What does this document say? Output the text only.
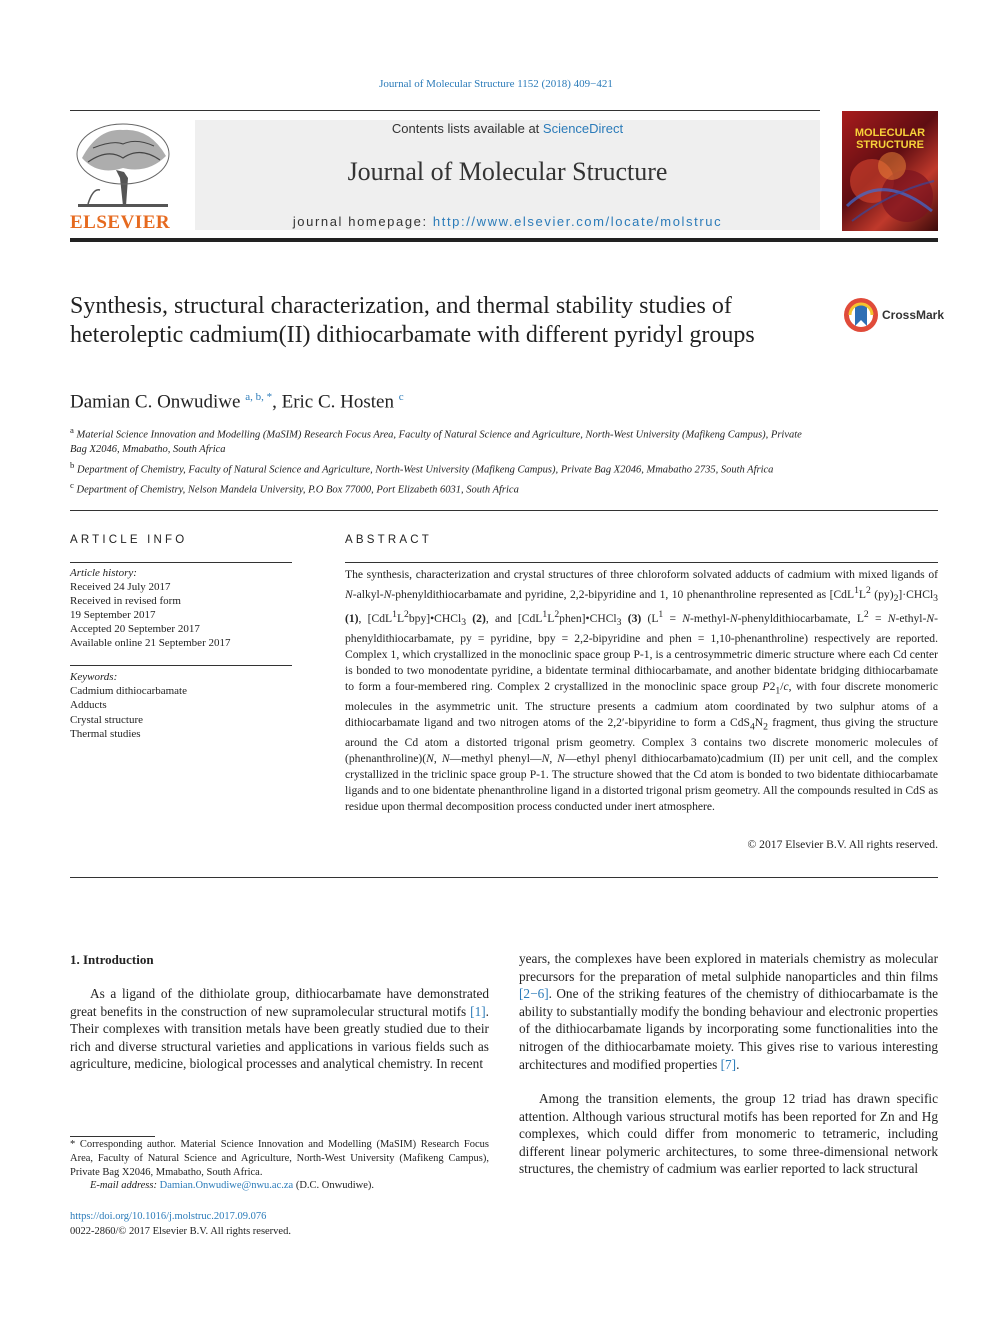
Journal of Molecular Structure 1152 (2018) 409−421
ELSEVIER
Contents lists available at ScienceDirect
Journal of Molecular Structure
journal homepage: http://www.elsevier.com/locate/molstruc
MOLECULAR STRUCTURE
Synthesis, structural characterization, and thermal stability studies of heteroleptic cadmium(II) dithiocarbamate with different pyridyl groups
CrossMark
Damian C. Onwudiwe $^{a, b, *}$, Eric C. Hosten $^c$

$^a$ Material Science Innovation and Modelling (MaSIM) Research Focus Area, Faculty of Natural Science and Agriculture, North-West University (Mafikeng Campus), Private Bag X2046, Mmabatho, South Africa

$^b$ Department of Chemistry, Faculty of Natural Science and Agriculture, North-West University (Mafikeng Campus), Private Bag X2046, Mmabatho 2735, South Africa

$^c$ Department of Chemistry, Nelson Mandela University, P.O Box 77000, Port Elizabeth 6031, South Africa

ARTICLE INFO
Article history:
Received 24 July 2017
Received in revised form
19 September 2017
Accepted 20 September 2017
Available online 21 September 2017
Keywords:
Cadmium dithiocarbamate
Adducts
Crystal structure
Thermal studies
ABSTRACT

The synthesis, characterization and crystal structures of three chloroform solvated adducts of cadmium with mixed ligands of N-alkyl-N-phenyldithiocarbamate and pyridine, 2,2-bipyridine and 1, 10 phenanthroline represented as [$CdL^1L^2$ $(py)_2]\cdot CHCl_3$ (1), $[CdL^1L^2bpy]•CHCl_3$ (2), and $[CdL^1L^2phen]•CHCl_3$ (3) ($L^1$ = N-methyl-N-phenyldithiocarbamate, $L^2$ = N-ethyl-N-phenyldithiocarbamate, py = pyridine, bpy = 2,2-bipyridine and phen = 1,10-phenanthroline) respectively are reported. Complex 1, which crystallized in the monoclinic space group P-1, is a centrosymmetric dimeric structure where each Cd center is bonded to two monodentate pyridine, a bidentate terminal dithiocarbamate, and another bidentate bridging dithiocarbamate to form a four-membered ring. Complex 2 crystallized in the monoclinic space group $P2_1/c$, with four discrete monomeric molecules in the asymmetric unit. The structure presents a cadmium atom coordinated by two sulphur atoms of a dithiocarbamate ligand and two nitrogen atoms of the 2,2′-bipyridine to form a $CdS_4N_2$ fragment, thus giving the structure around the Cd atom a distorted trigonal prism geometry. Complex 3 contains two discrete monomeric molecules of (phenanthroline)(N, N—methyl phenyl—N, N—ethyl phenyl dithiocarbamato)cadmium (II) per unit cell, and the complex crystallized in the triclinic space group P-1. The structure showed that the Cd atom is bonded to two bidentate dithiocarbamate ligands and to one bidentate phenanthroline ligand in a distorted trigonal prism geometry. All the compounds resulted in CdS as residue upon thermal decomposition process conducted under inert atmosphere.

© 2017 Elsevier B.V. All rights reserved.
1. Introduction

As a ligand of the dithiolate group, dithiocarbamate have demonstrated great benefits in the construction of new supramolecular structural motifs [1]. Their complexes with transition metals have been greatly studied due to their rich and diverse structural varieties and applications in various fields such as agriculture, medicine, biological processes and analytical chemistry. In recent

years, the complexes have been explored in materials chemistry as molecular precursors for the preparation of metal sulphide nanoparticles and thin films [2−6]. One of the striking features of the chemistry of dithiocarbamate is the ability to substantially modify the bonding behaviour and electronic properties of the dithiocarbamate ligands by incorporating some functionalities into the nitrogen of the dithiocarbamate moiety. This gives rise to various interesting architectures and modified properties [7].

Among the transition elements, the group 12 triad has drawn specific attention. Although various structural motifs has been reported for Zn and Hg complexes, which could differ from monomeric to tetrameric, including different linear polymeric architectures, to some three-dimensional network structures, the chemistry of cadmium was earlier reported to lack structural

* Corresponding author. Material Science Innovation and Modelling (MaSIM) Research Focus Area, Faculty of Natural Science and Agriculture, North-West University (Mafikeng Campus), Private Bag X2046, Mmabatho, South Africa.
E-mail address: Damian.Onwudiwe@nwu.ac.za (D.C. Onwudiwe).
https://doi.org/10.1016/j.molstruc.2017.09.076
0022-2860/© 2017 Elsevier B.V. All rights reserved.
